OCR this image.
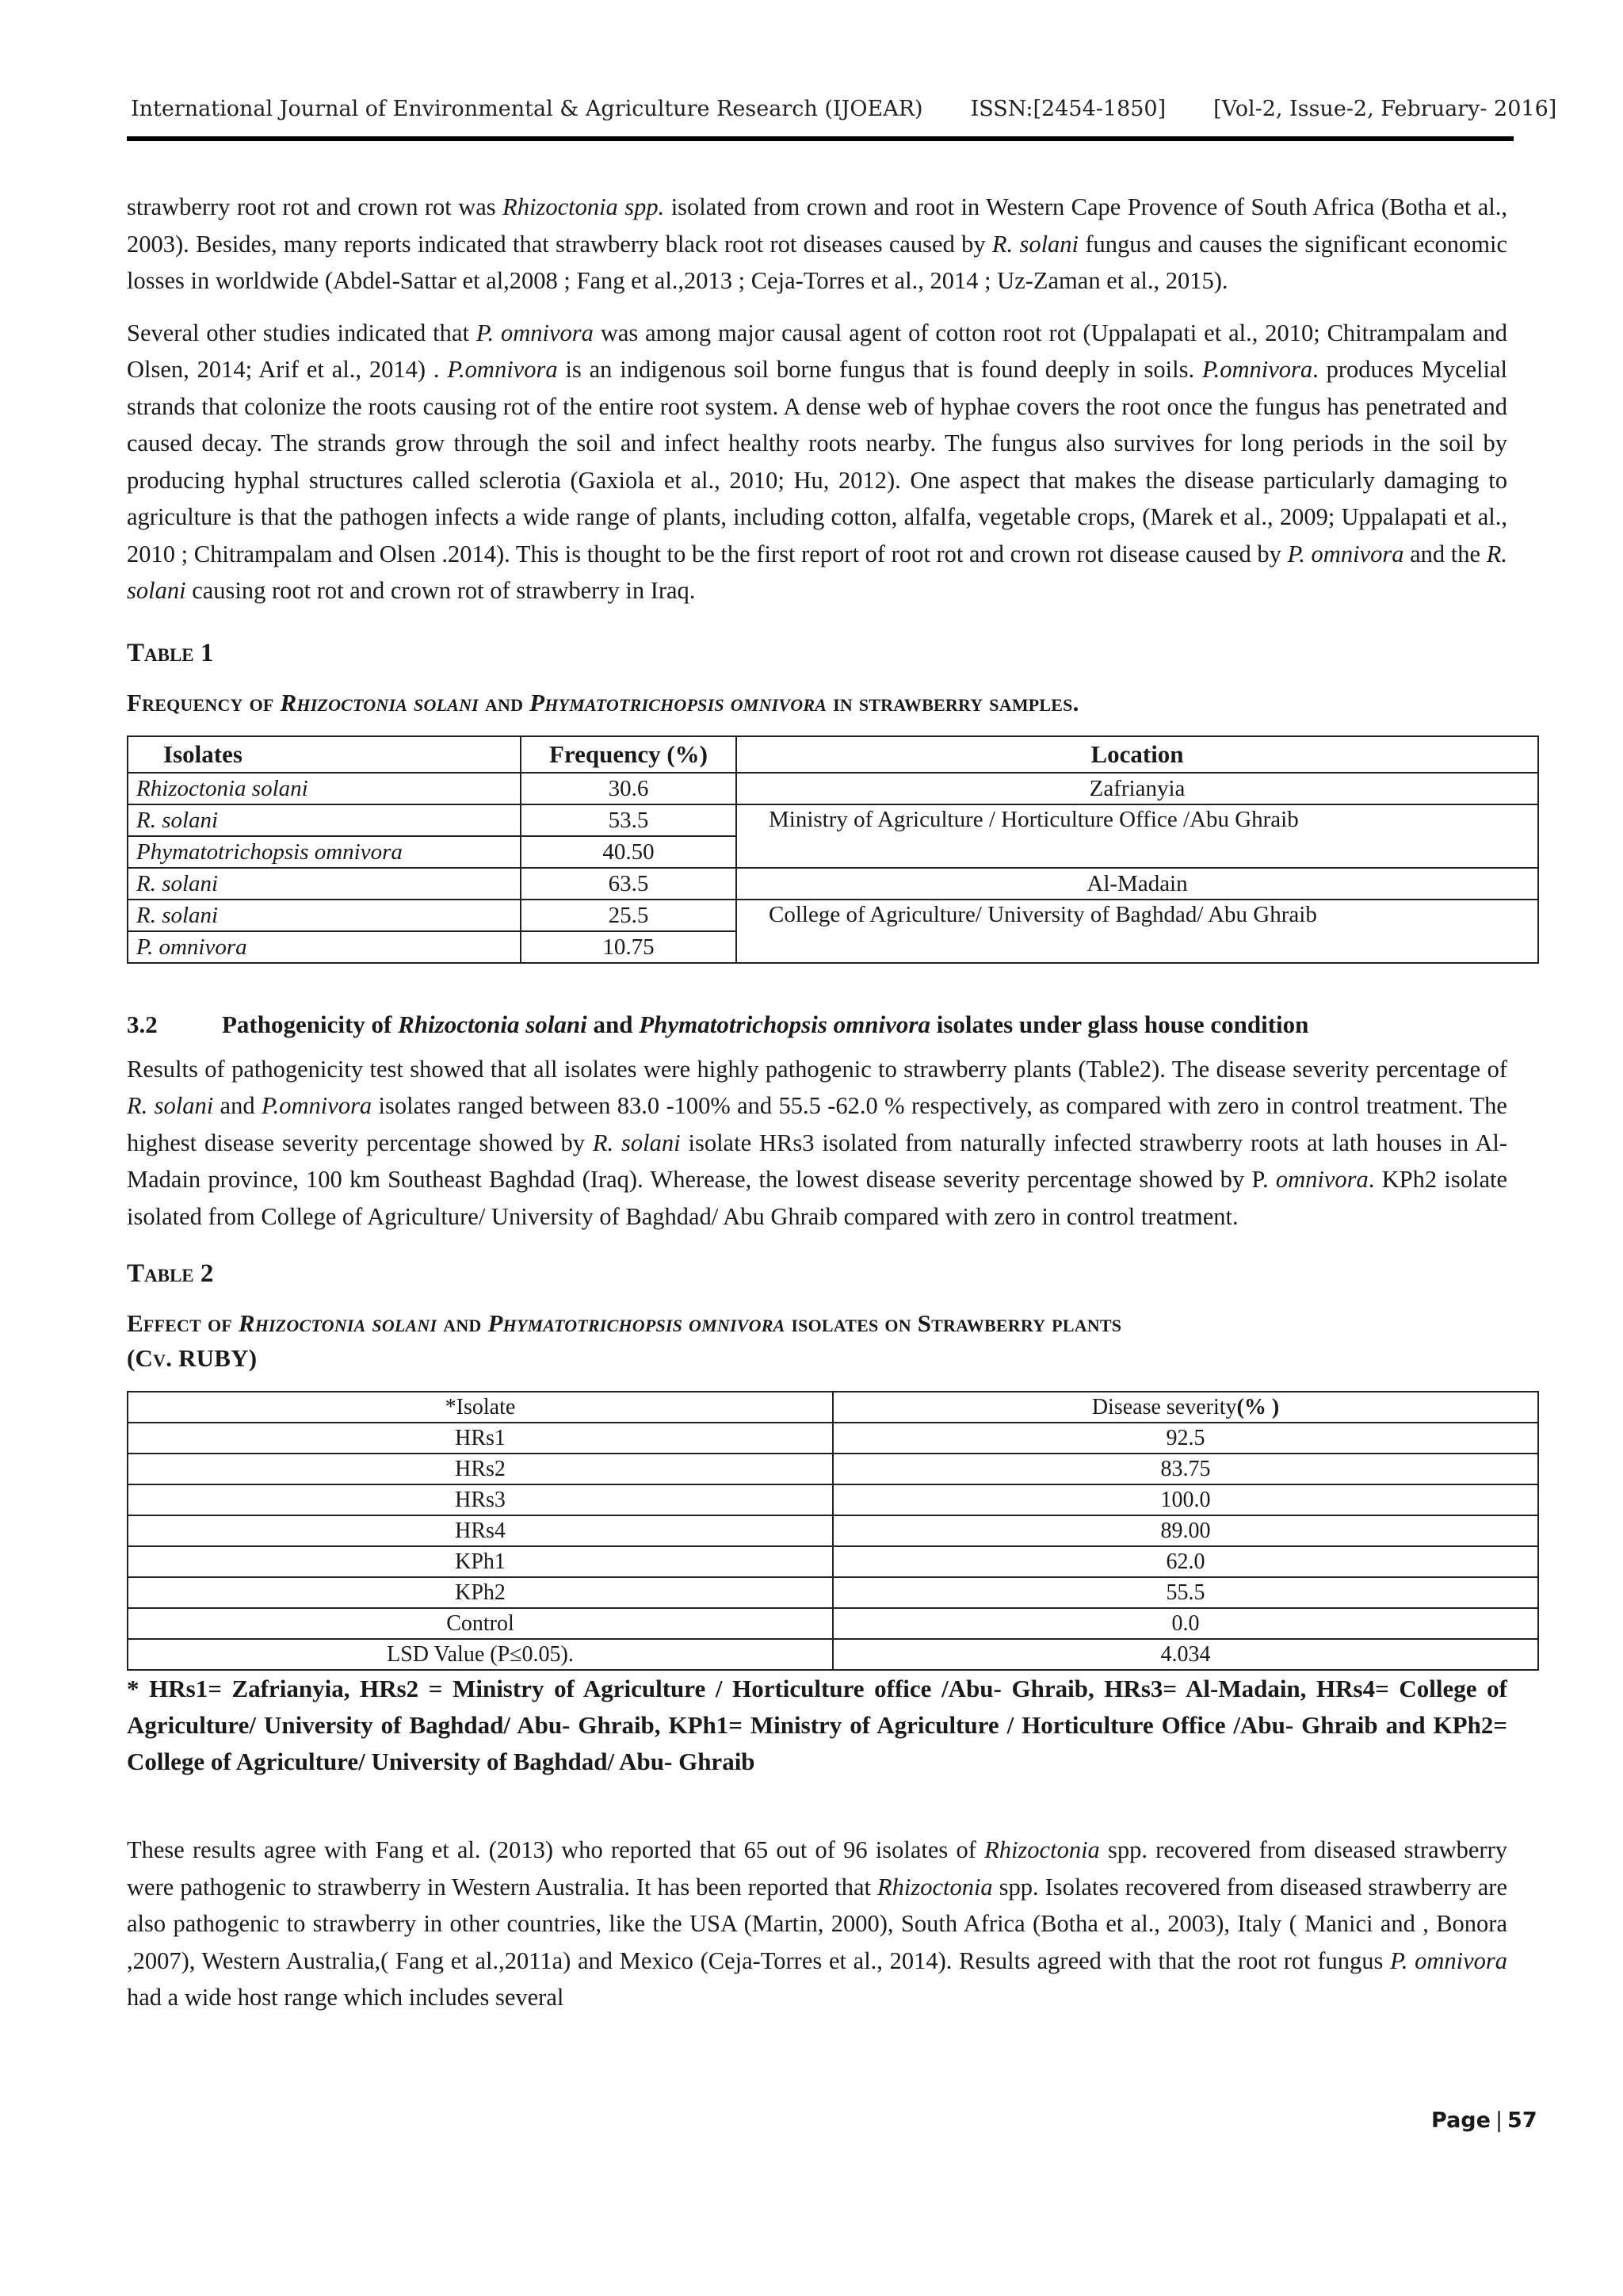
International Journal of Environmental & Agriculture Research (IJOEAR) ISSN:[2454-1850] [Vol-2, Issue-2, February- 2016]

strawberry root rot and crown rot was Rhizoctonia spp. isolated from crown and root in Western Cape Provence of South Africa (Botha et al., 2003). Besides, many reports indicated that strawberry black root rot diseases caused by R. solani fungus and causes the significant economic losses in worldwide (Abdel-Sattar et al,2008 ; Fang et al.,2013 ; Ceja-Torres et al., 2014 ; Uz-Zaman et al., 2015).

Several other studies indicated that P. omnivora was among major causal agent of cotton root rot (Uppalapati et al., 2010; Chitrampalam and Olsen, 2014; Arif et al., 2014) . P.omnivora is an indigenous soil borne fungus that is found deeply in soils. P.omnivora. produces Mycelial strands that colonize the roots causing rot of the entire root system. A dense web of hyphae covers the root once the fungus has penetrated and caused decay. The strands grow through the soil and infect healthy roots nearby. The fungus also survives for long periods in the soil by producing hyphal structures called sclerotia (Gaxiola et al., 2010; Hu, 2012). One aspect that makes the disease particularly damaging to agriculture is that the pathogen infects a wide range of plants, including cotton, alfalfa, vegetable crops, (Marek et al., 2009; Uppalapati et al., 2010 ; Chitrampalam and Olsen .2014). This is thought to be the first report of root rot and crown rot disease caused by P. omnivora and the R. solani causing root rot and crown rot of strawberry in Iraq.

Table 1

Frequency of Rhizoctonia solani and Phymatotrichopsis omnivora in strawberry samples.

Isolates	Frequency (%)	Location
Rhizoctonia solani	30.6	Zafrianyia
R. solani	53.5	Ministry of Agriculture / Horticulture Office /Abu Ghraib
Phymatotrichopsis omnivora	40.50	
R. solani	63.5	Al-Madain
R. solani	25.5	College of Agriculture/ University of Baghdad/ Abu Ghraib
P. omnivora	10.75	
3.2	Pathogenicity of Rhizoctonia solani and Phymatotrichopsis omnivora isolates under glass house condition

Results of pathogenicity test showed that all isolates were highly pathogenic to strawberry plants (Table2). The disease severity percentage of R. solani and P.omnivora isolates ranged between 83.0 -100% and 55.5 -62.0 % respectively, as compared with zero in control treatment. The highest disease severity percentage showed by R. solani isolate HRs3 isolated from naturally infected strawberry roots at lath houses in Al-Madain province, 100 km Southeast Baghdad (Iraq). Wherease, the lowest disease severity percentage showed by P. omnivora. KPh2 isolate isolated from College of Agriculture/ University of Baghdad/ Abu Ghraib compared with zero in control treatment.

Table 2

Effect of Rhizoctonia solani and Phymatotrichopsis omnivora isolates on Strawberry plants
(Cv. RUBY)

*Isolate	Disease severity(% )
HRs1	92.5
HRs2	83.75
HRs3	100.0
HRs4	89.00
KPh1	62.0
KPh2	55.5
Control	0.0
LSD Value (P≤0.05).	4.034

* HRs1= Zafrianyia, HRs2 = Ministry of Agriculture / Horticulture office /Abu- Ghraib, HRs3= Al-Madain, HRs4= College of Agriculture/ University of Baghdad/ Abu- Ghraib, KPh1= Ministry of Agriculture / Horticulture Office /Abu- Ghraib and KPh2= College of Agriculture/ University of Baghdad/ Abu- Ghraib

These results agree with Fang et al. (2013) who reported that 65 out of 96 isolates of Rhizoctonia spp. recovered from diseased strawberry were pathogenic to strawberry in Western Australia. It has been reported that Rhizoctonia spp. Isolates recovered from diseased strawberry are also pathogenic to strawberry in other countries, like the USA (Martin, 2000), South Africa (Botha et al., 2003), Italy ( Manici and , Bonora ,2007), Western Australia,( Fang et al.,2011a) and Mexico (Ceja-Torres et al., 2014). Results agreed with that the root rot fungus P. omnivora had a wide host range which includes several

Page | 57
